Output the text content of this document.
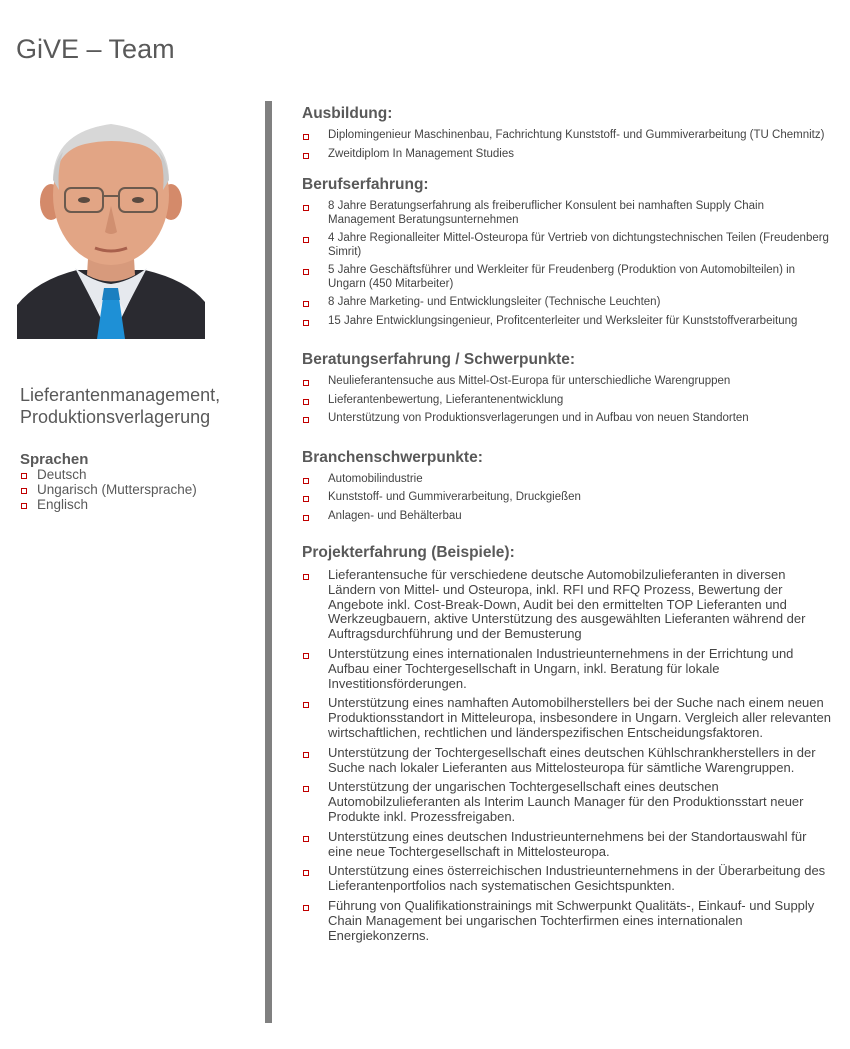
GiVE – Team
Lieferantenmanagement,
Produktionsverlagerung
Sprachen
Deutsch
Ungarisch (Muttersprache)
Englisch
Ausbildung:
Diplomingenieur Maschinenbau, Fachrichtung Kunststoff- und Gummiverarbeitung (TU Chemnitz)
Zweitdiplom In Management Studies
Berufserfahrung:
8 Jahre Beratungserfahrung als freiberuflicher Konsulent bei namhaften Supply Chain Management Beratungsunternehmen
4 Jahre Regionalleiter Mittel-Osteuropa für Vertrieb von dichtungstechnischen Teilen (Freudenberg Simrit)
5 Jahre Geschäftsführer und Werkleiter für Freudenberg (Produktion von Automobilteilen) in Ungarn (450 Mitarbeiter)
8 Jahre Marketing- und Entwicklungsleiter (Technische Leuchten)
15 Jahre Entwicklungsingenieur, Profitcenterleiter und Werksleiter für Kunststoffverarbeitung
Beratungserfahrung / Schwerpunkte:
Neulieferantensuche aus Mittel-Ost-Europa für unterschiedliche Warengruppen
Lieferantenbewertung, Lieferantenentwicklung
Unterstützung von Produktionsverlagerungen und in Aufbau von neuen Standorten
Branchenschwerpunkte:
Automobilindustrie
Kunststoff- und Gummiverarbeitung, Druckgießen
Anlagen- und Behälterbau
Projekterfahrung (Beispiele):
Lieferantensuche für verschiedene deutsche Automobilzulieferanten in diversen Ländern von Mittel- und Osteuropa, inkl. RFI und RFQ Prozess, Bewertung der Angebote inkl. Cost-Break-Down, Audit bei den ermittelten TOP Lieferanten und Werkzeugbauern, aktive Unterstützung des ausgewählten Lieferanten während der Auftragsdurchführung und der Bemusterung
Unterstützung eines internationalen Industrieunternehmens in der Errichtung und Aufbau einer Tochtergesellschaft in Ungarn, inkl. Beratung für lokale Investitionsförderungen.
Unterstützung eines namhaften Automobilherstellers bei der Suche nach einem neuen Produktionsstandort in Mitteleuropa, insbesondere in Ungarn. Vergleich aller relevanten wirtschaftlichen, rechtlichen und länderspezifischen Entscheidungsfaktoren.
Unterstützung der Tochtergesellschaft eines deutschen Kühlschrankherstellers in der Suche nach lokaler Lieferanten aus Mittelosteuropa für sämtliche Warengruppen.
Unterstützung der ungarischen Tochtergesellschaft eines deutschen Automobilzulieferanten als Interim Launch Manager für den Produktionsstart neuer Produkte inkl. Prozessfreigaben.
Unterstützung eines deutschen Industrieunternehmens bei der Standortauswahl für eine neue Tochtergesellschaft in Mittelosteuropa.
Unterstützung eines österreichischen Industrieunternehmens in der Überarbeitung des Lieferantenportfolios nach systematischen Gesichtspunkten.
Führung von Qualifikationstrainings mit Schwerpunkt Qualitäts-, Einkauf- und Supply Chain Management bei ungarischen Tochterfirmen eines internationalen Energiekonzerns.
